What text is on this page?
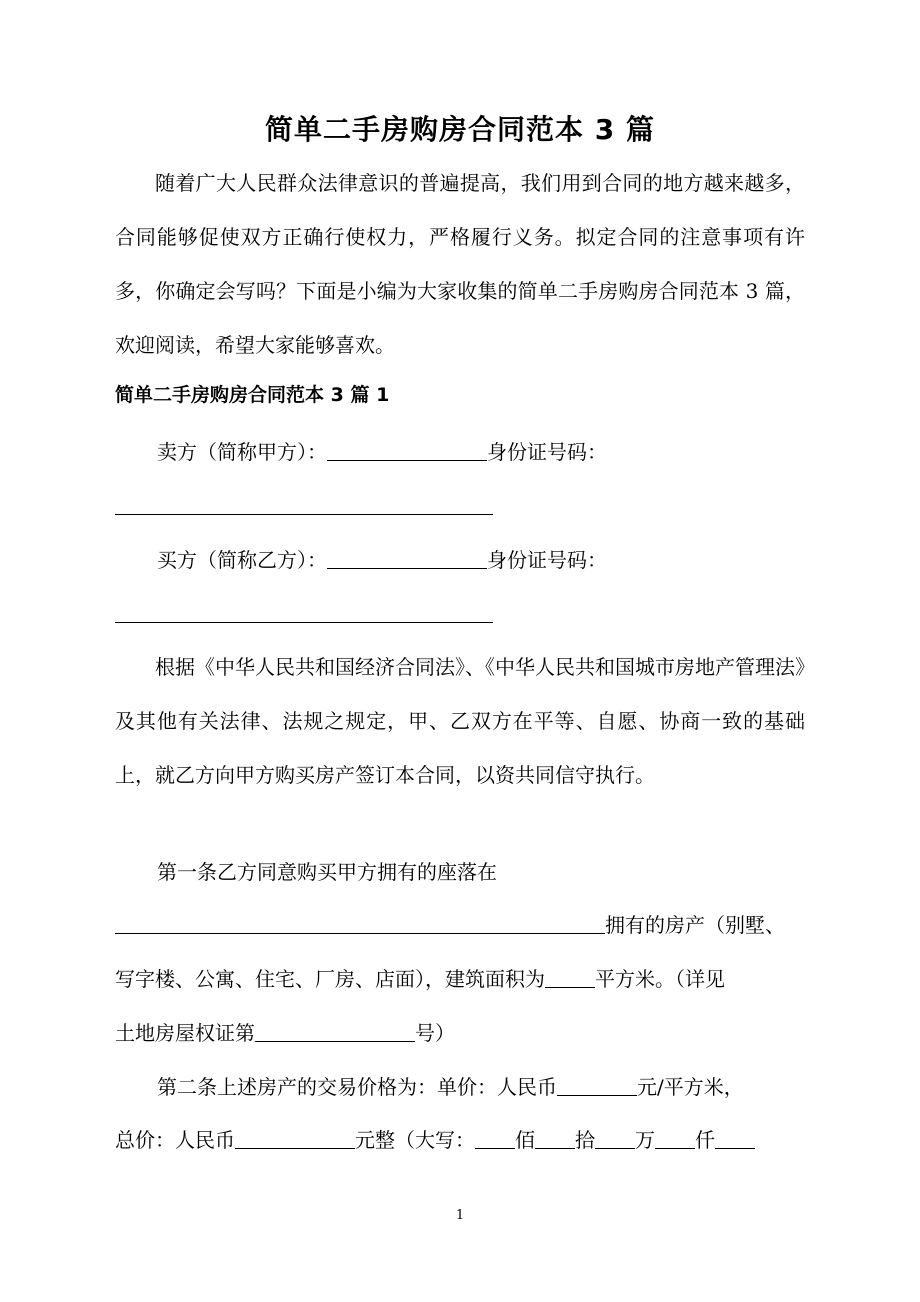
简单二手房购房合同范本 3 篇

随着广大人民群众法律意识的普遍提高，我们用到合同的地方越来越多，合同能够促使双方正确行使权力，严格履行义务。拟定合同的注意事项有许多，你确定会写吗？下面是小编为大家收集的简单二手房购房合同范本 3 篇，欢迎阅读，希望大家能够喜欢。

简单二手房购房合同范本 3 篇 1

卖方（简称甲方）：	身份证号码：

买方（简称乙方）：	身份证号码：

根据《中华人民共和国经济合同法》、《中华人民共和国城市房地产管理法》及其他有关法律、法规之规定，甲、乙双方在平等、自愿、协商一致的基础上，就乙方向甲方购买房产签订本合同，以资共同信守执行。

第一条乙方同意购买甲方拥有的座落在

拥有的房产（别墅、

写字楼、公寓、住宅、厂房、店面），建筑面积为	平方米。（详见

土地房屋权证第	号）

第二条上述房产的交易价格为：单价：人民币	元/平方米，

总价：人民币	元整（大写： 佰 拾 万 仟

1
